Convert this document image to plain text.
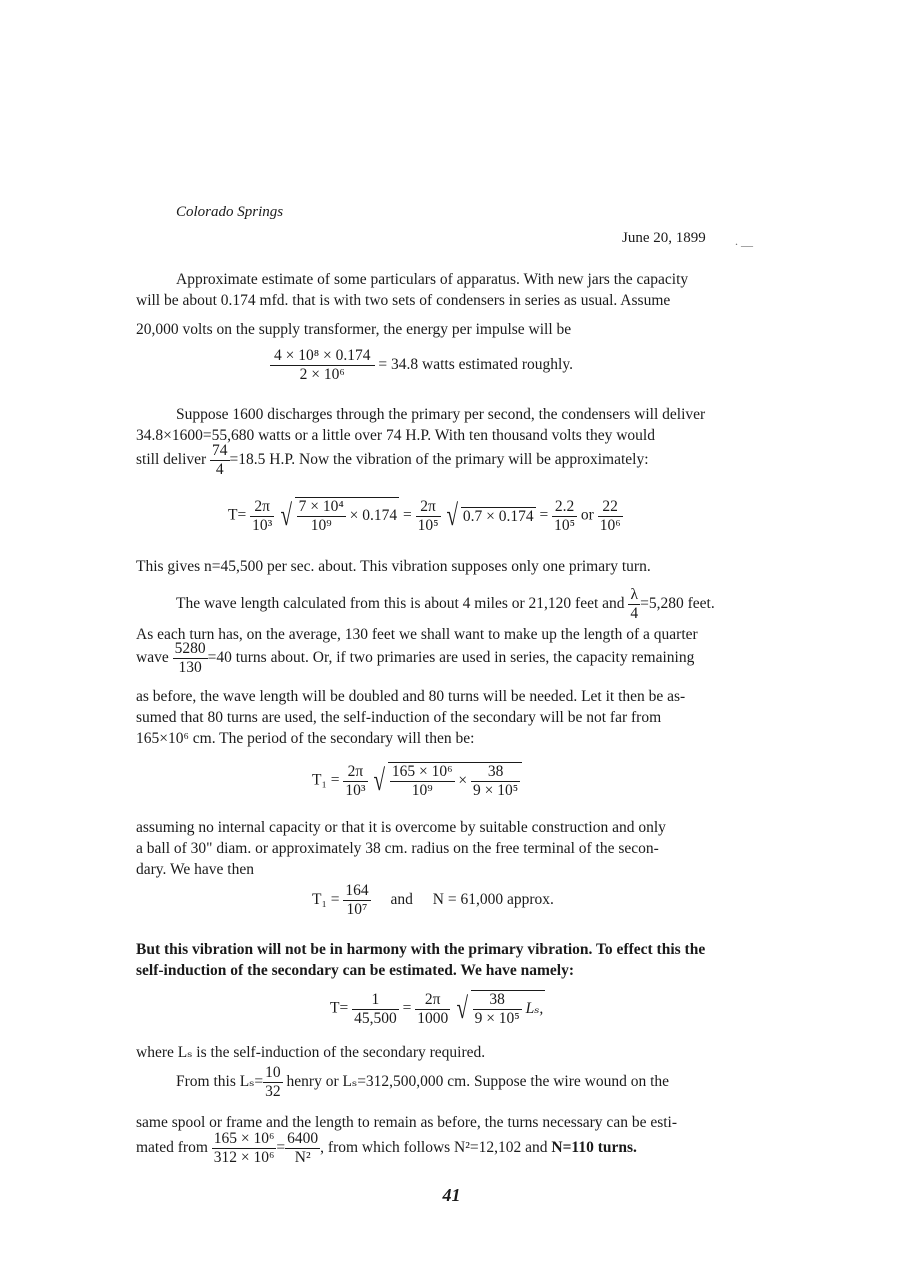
Colorado Springs
June 20, 1899 . __
Approximate estimate of some particulars of apparatus. With new jars the capacity
will be about 0.174 mfd. that is with two sets of condensers in series as usual. Assume
20,000 volts on the supply transformer, the energy per impulse will be
$\frac{\text{4 × 10⁸ × 0.174}}{\text{2 × 10⁶}} = 34.8$ watts estimated roughly.
Suppose 1600 discharges through the primary per second, the condensers will deliver
34.8×1600=55,680 watts or a little over 74 H.P. With ten thousand volts they would
still deliver $\frac{74}{4} =18.5$ H.P. Now the vibration of the primary will be approximately:
$T= \frac{2\pi}{\text{10³}}$ √ $\frac{\text{7 × 10⁴}}{\text{10⁹}} \times 0.174 = \frac{2\pi}{\text{10⁵}}$ √ $0.7 \times 0.174 = \frac{2.2}{\text{10⁵}}$ or $\frac{22}{\text{10⁶}}$
This gives n=45,500 per sec. about. This vibration supposes only one primary turn.
The wave length calculated from this is about 4 miles or 21,120 feet and $\frac{\lambda}{4} =5,280$ feet.
As each turn has, on the average, 130 feet we shall want to make up the length of a quarter
wave $\frac{5280}{130} =40$ turns about. Or, if two primaries are used in series, the capacity remaining
as before, the wave length will be doubled and 80 turns will be needed. Let it then be as-
sumed that 80 turns are used, the self-induction of the secondary will be not far from
165×10⁶ cm. The period of the secondary will then be:
$T_1 = \frac{2\pi}{\text{10³}}$ √ $\frac{\text{165 × 10⁶}}{\text{10⁹}} \times \frac{38}{\text{9 × 10⁵}}$
assuming no internal capacity or that it is overcome by suitable construction and only
a ball of 30" diam. or approximately 38 cm. radius on the free terminal of the secon-
dary. We have then
$T_1 = \frac{164}{\text{10⁷}}$ and N = 61,000 approx.
But this vibration will not be in harmony with the primary vibration. To effect this the
self-induction of the secondary can be estimated. We have namely:
$T= \frac{1}{45,500} = \frac{2\pi}{1000}$ √ $\frac{38}{\text{9 × 10⁵}} L_s$,
where Lₛ is the self-induction of the secondary required.
From this $L_s= \frac{10}{32}$ henry or Lₛ=312,500,000 cm. Suppose the wire wound on the
same spool or frame and the length to remain as before, the turns necessary can be esti-
mated from $\frac{\text{165 × 10⁶}}{\text{312 × 10⁶}} = \frac{6400}{\text{N²}}$ , from which follows N²=12,102 and N=110 turns.
41
